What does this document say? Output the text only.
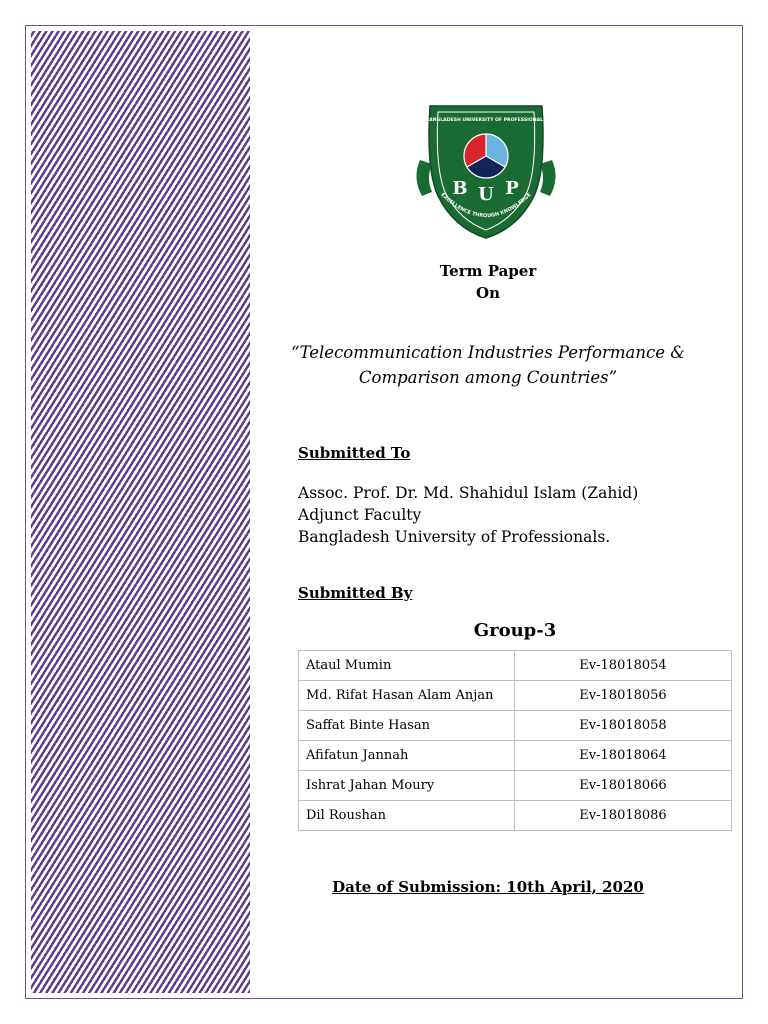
BANGLADESH UNIVERSITY OF PROFESSIONALS
B U P
EXCELLENCE THROUGH KNOWLEDGE
Term Paper
On
“Telecommunication Industries Performance &
Comparison among Countries”
Submitted To
Assoc. Prof. Dr. Md. Shahidul Islam (Zahid)
Adjunct Faculty
Bangladesh University of Professionals.
Submitted By
Group-3
Ataul Mumin	Ev-18018054
Md. Rifat Hasan Alam Anjan	Ev-18018056
Saffat Binte Hasan	Ev-18018058
Afifatun Jannah	Ev-18018064
Ishrat Jahan Moury	Ev-18018066
Dil Roushan	Ev-18018086
Date of Submission: 10th April, 2020
